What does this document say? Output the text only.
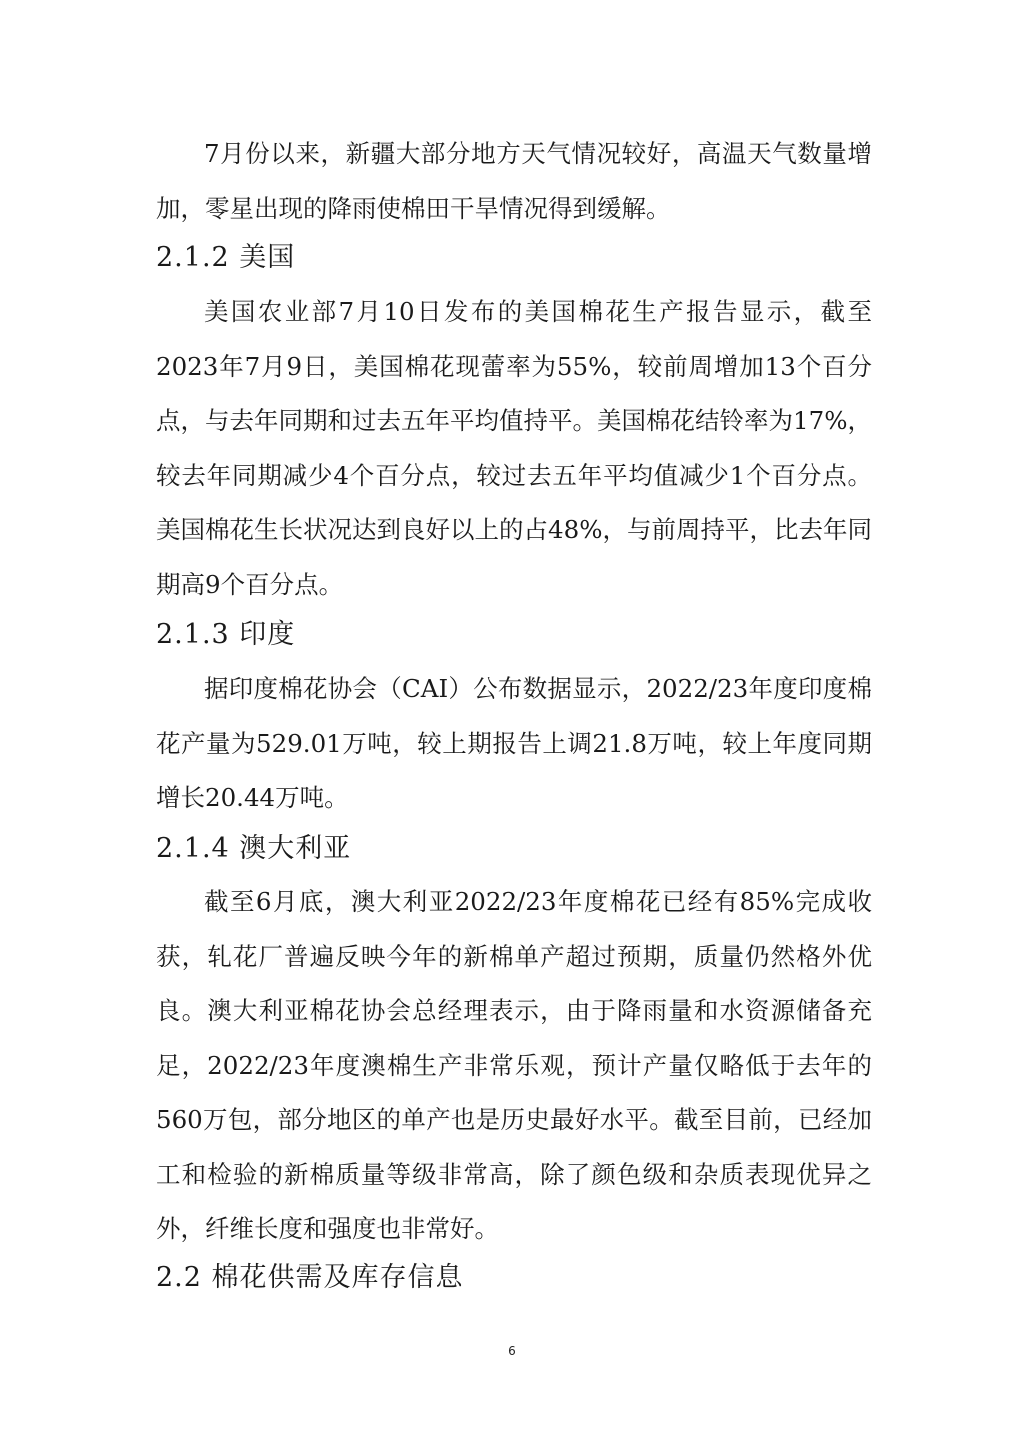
7月份以来，新疆大部分地方天气情况较好，高温天气数量增加，零星出现的降雨使棉田干旱情况得到缓解。

2.1.2 美国

美国农业部7月10日发布的美国棉花生产报告显示，截至2023年7月9日，美国棉花现蕾率为55%，较前周增加13个百分点，与去年同期和过去五年平均值持平。美国棉花结铃率为17%，较去年同期减少4个百分点，较过去五年平均值减少1个百分点。美国棉花生长状况达到良好以上的占48%，与前周持平，比去年同期高9个百分点。

2.1.3 印度

据印度棉花协会（CAI）公布数据显示，2022/23年度印度棉花产量为529.01万吨，较上期报告上调21.8万吨，较上年度同期增长20.44万吨。

2.1.4 澳大利亚

截至6月底，澳大利亚2022/23年度棉花已经有85%完成收获，轧花厂普遍反映今年的新棉单产超过预期，质量仍然格外优良。澳大利亚棉花协会总经理表示，由于降雨量和水资源储备充足，2022/23年度澳棉生产非常乐观，预计产量仅略低于去年的560万包，部分地区的单产也是历史最好水平。截至目前，已经加工和检验的新棉质量等级非常高，除了颜色级和杂质表现优异之外，纤维长度和强度也非常好。

2.2 棉花供需及库存信息
6
